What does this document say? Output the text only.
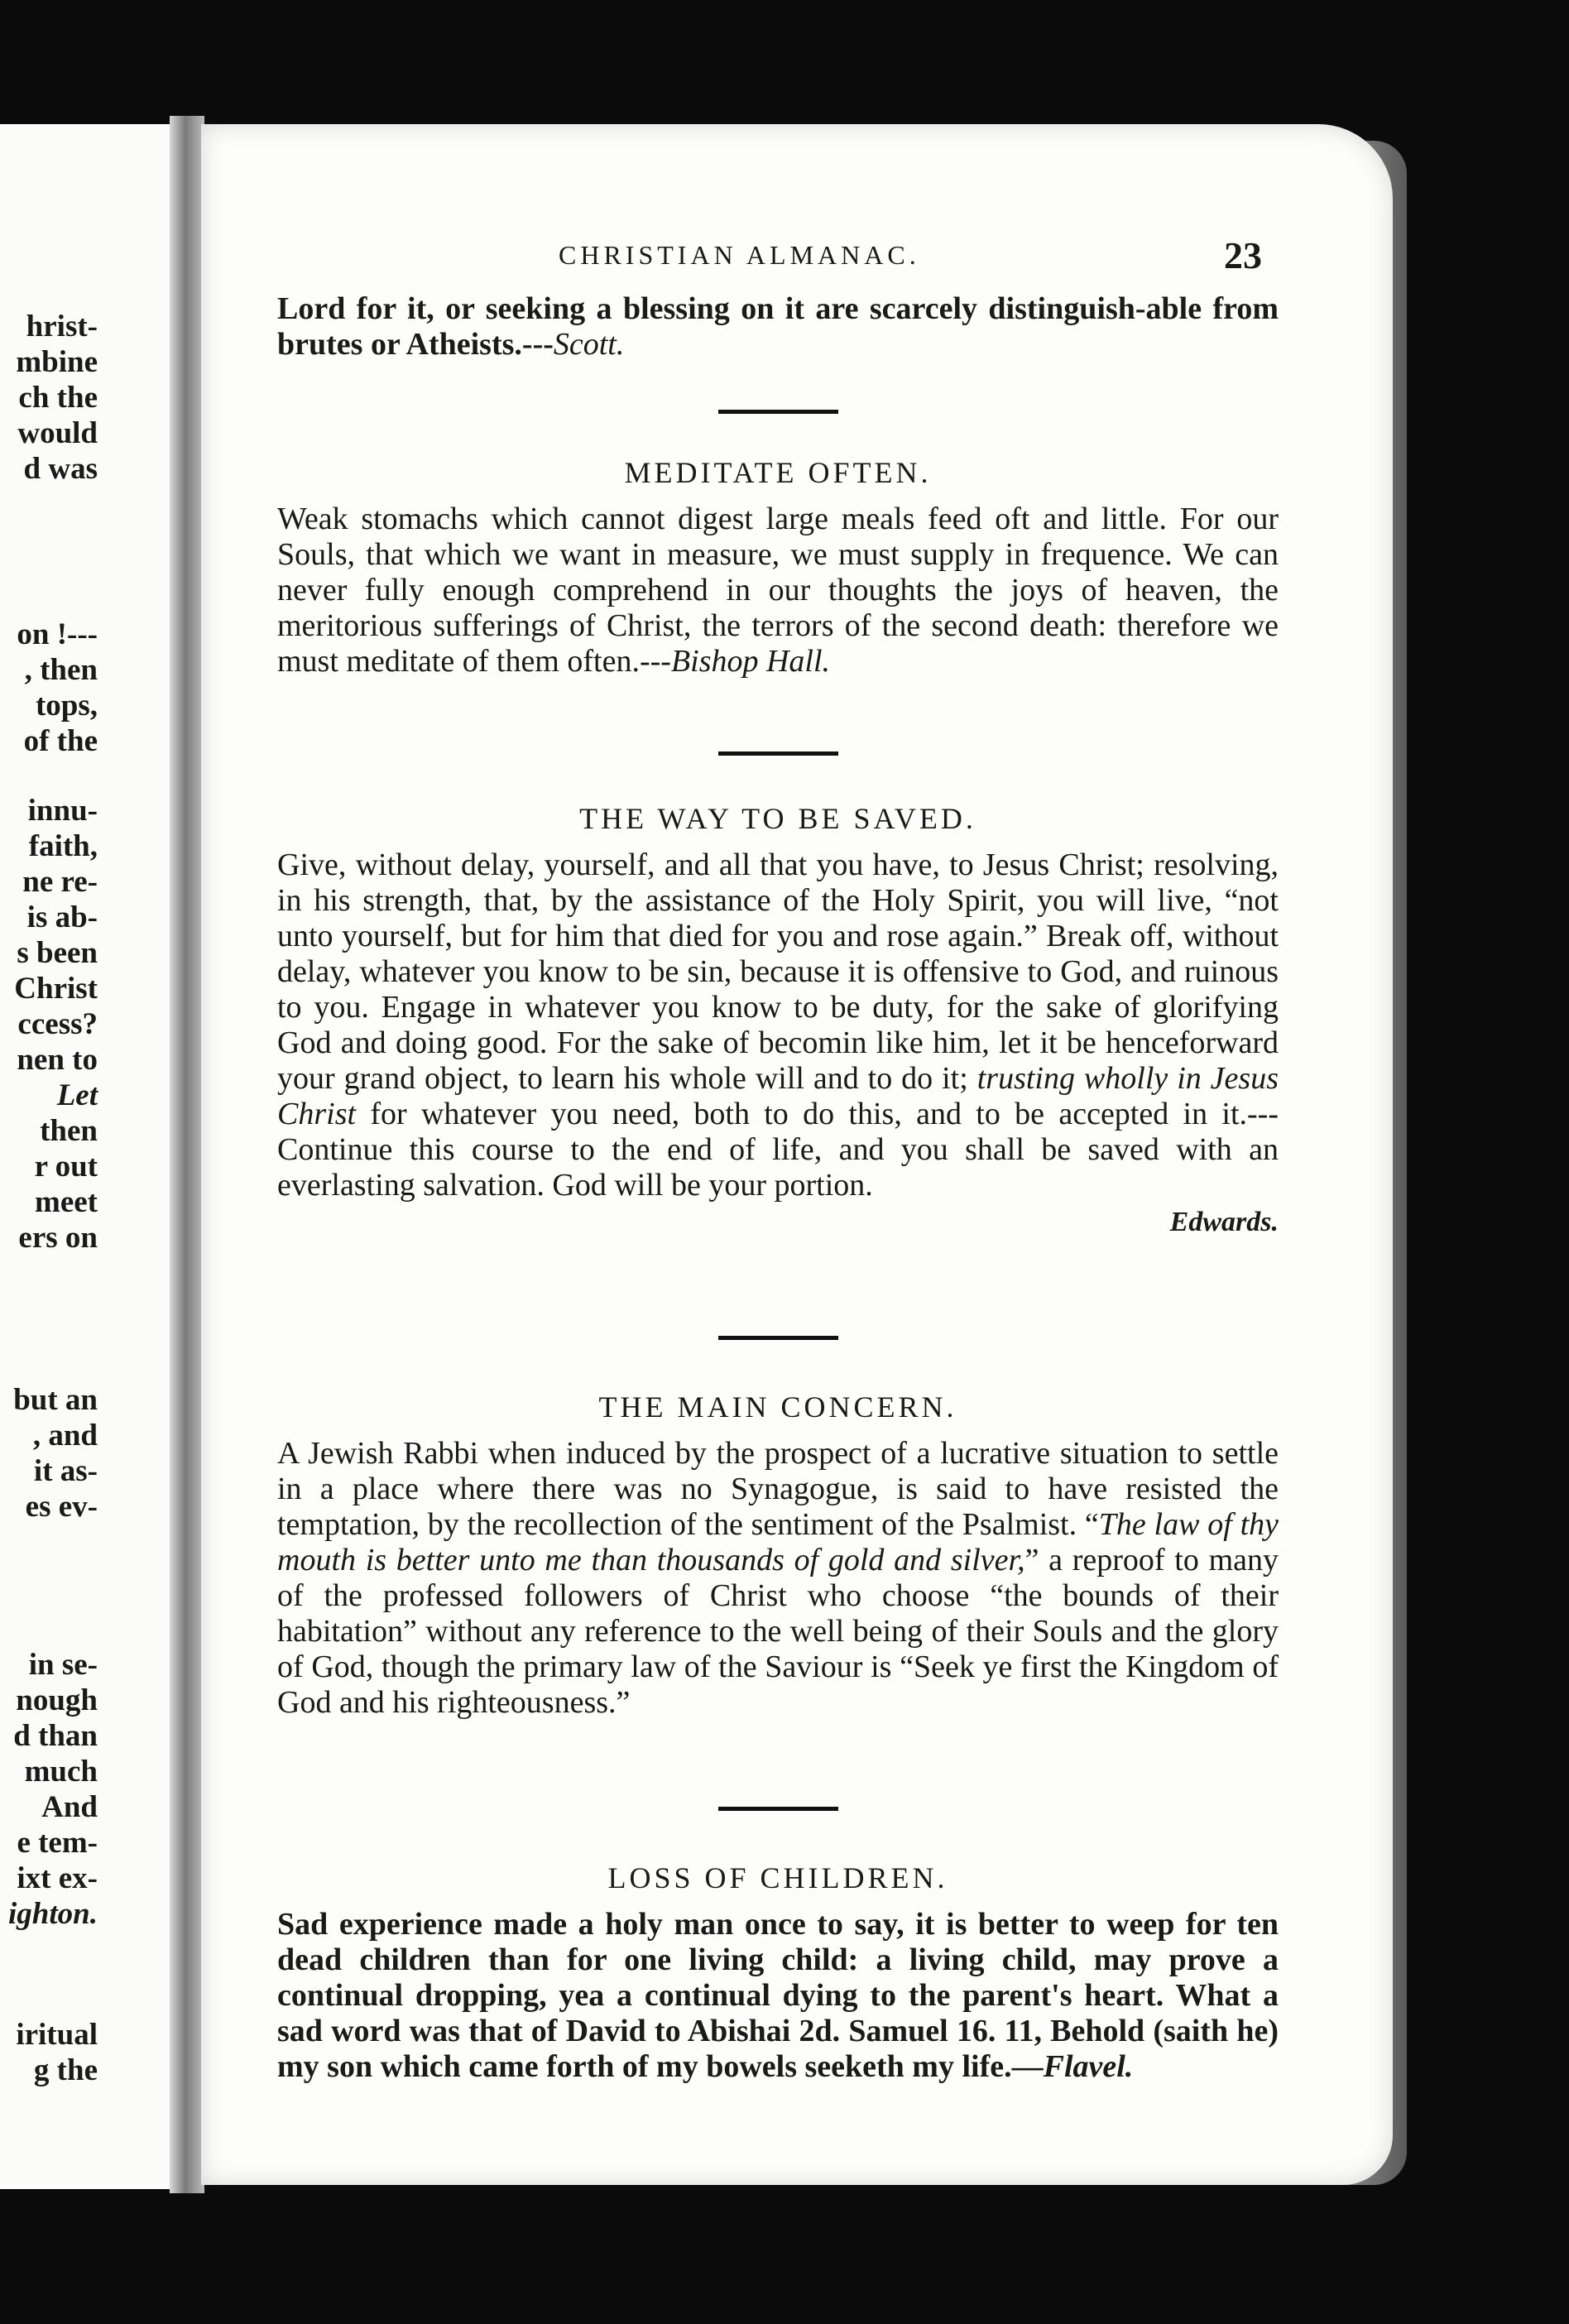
CHRISTIAN ALMANAC.	23

Lord for it, or seeking a blessing on it are scarcely distinguish-able from brutes or Atheists.---Scott.

MEDITATE OFTEN.

Weak stomachs which cannot digest large meals feed oft and little. For our Souls, that which we want in measure, we must supply in frequence. We can never fully enough comprehend in our thoughts the joys of heaven, the meritorious sufferings of Christ, the terrors of the second death: therefore we must meditate of them often.---Bishop Hall.

THE WAY TO BE SAVED.

Give, without delay, yourself, and all that you have, to Jesus Christ; resolving, in his strength, that, by the assistance of the Holy Spirit, you will live, “not unto yourself, but for him that died for you and rose again.” Break off, without delay, whatever you know to be sin, because it is offensive to God, and ruinous to you. Engage in whatever you know to be duty, for the sake of glorifying God and doing good. For the sake of becomin like him, let it be henceforward your grand object, to learn his whole will and to do it; trusting wholly in Jesus Christ for whatever you need, both to do this, and to be accepted in it.---Continue this course to the end of life, and you shall be saved with an everlasting salvation. God will be your portion.

Edwards.
THE MAIN CONCERN.

A Jewish Rabbi when induced by the prospect of a lucrative situation to settle in a place where there was no Synagogue, is said to have resisted the temptation, by the recollection of the sentiment of the Psalmist. “The law of thy mouth is better unto me than thousands of gold and silver,” a reproof to many of the professed followers of Christ who choose “the bounds of their habitation” without any reference to the well being of their Souls and the glory of God, though the primary law of the Saviour is “Seek ye first the Kingdom of God and his righteousness.”

LOSS OF CHILDREN.

Sad experience made a holy man once to say, it is better to weep for ten dead children than for one living child: a living child, may prove a continual dropping, yea a continual dying to the parent's heart. What a sad word was that of David to Abishai 2d. Samuel 16. 11, Behold (saith he) my son which came forth of my bowels seeketh my life.—Flavel.

hrist-
mbine
ch the
would
d was
on !---
, then
tops,
of the
innu-
faith,
ne re-
is ab-
s been
Christ
ccess?
nen to
Let
then
r out
meet
ers on
but an
, and
it as-
es ev-
in se-
nough
d than
much
And
e tem-
ixt ex-
ighton.
iritual
g the
